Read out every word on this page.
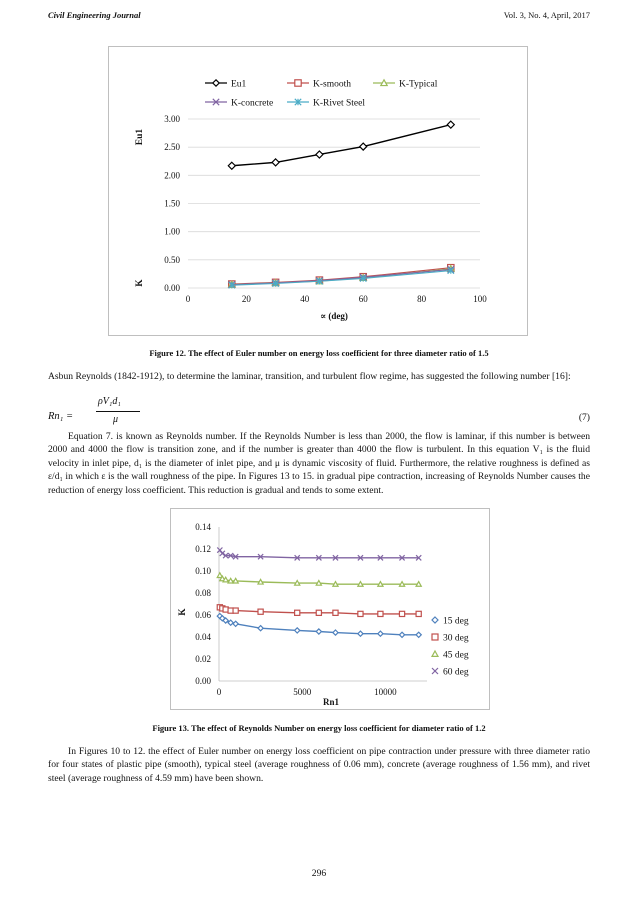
Civil Engineering Journal	Vol. 3, No. 4, April, 2017
0.00
0.50
1.00
1.50
2.00
2.50
3.00
0	20	40	60	80	100
∝ (deg)
Eu1
K
Eu1	K-smooth	K-Typical
K-concrete	K-Rivet Steel
Figure 12. The effect of Euler number on energy loss coefficient for three diameter ratio of 1.5

Asbun Reynolds (1842-1912), to determine the laminar, transition, and turbulent flow regime, has suggested the following number [16]:

Rn₁ =
ρV₁d₁
μ	(7)

Equation 7. is known as Reynolds number. If the Reynolds Number is less than 2000, the flow is laminar, if this number is between 2000 and 4000 the flow is transition zone, and if the number is greater than 4000 the flow is turbulent. In this equation V₁ is the fluid velocity in inlet pipe, d₁ is the diameter of inlet pipe, and μ is dynamic viscosity of fluid. Furthermore, the relative roughness is defined as ε/d₁ in which ε is the wall roughness of the pipe. In Figures 13 to 15. in gradual pipe contraction, increasing of Reynolds Number causes the reduction of energy loss coefficient. This reduction is gradual and tends to some extent.

0.00
0.02
0.04
0.06
0.08
0.10
0.12
0.14
0	5000	10000
Rn1
K
15 deg
30 deg
45 deg
60 deg
Figure 13. The effect of Reynolds Number on energy loss coefficient for diameter ratio of 1.2

In Figures 10 to 12. the effect of Euler number on energy loss coefficient on pipe contraction under pressure with three diameter ratio for four states of plastic pipe (smooth), typical steel (average roughness of 0.06 mm), concrete (average roughness of 1.56 mm), and rivet steel (average roughness of 4.59 mm) have been shown.

296
